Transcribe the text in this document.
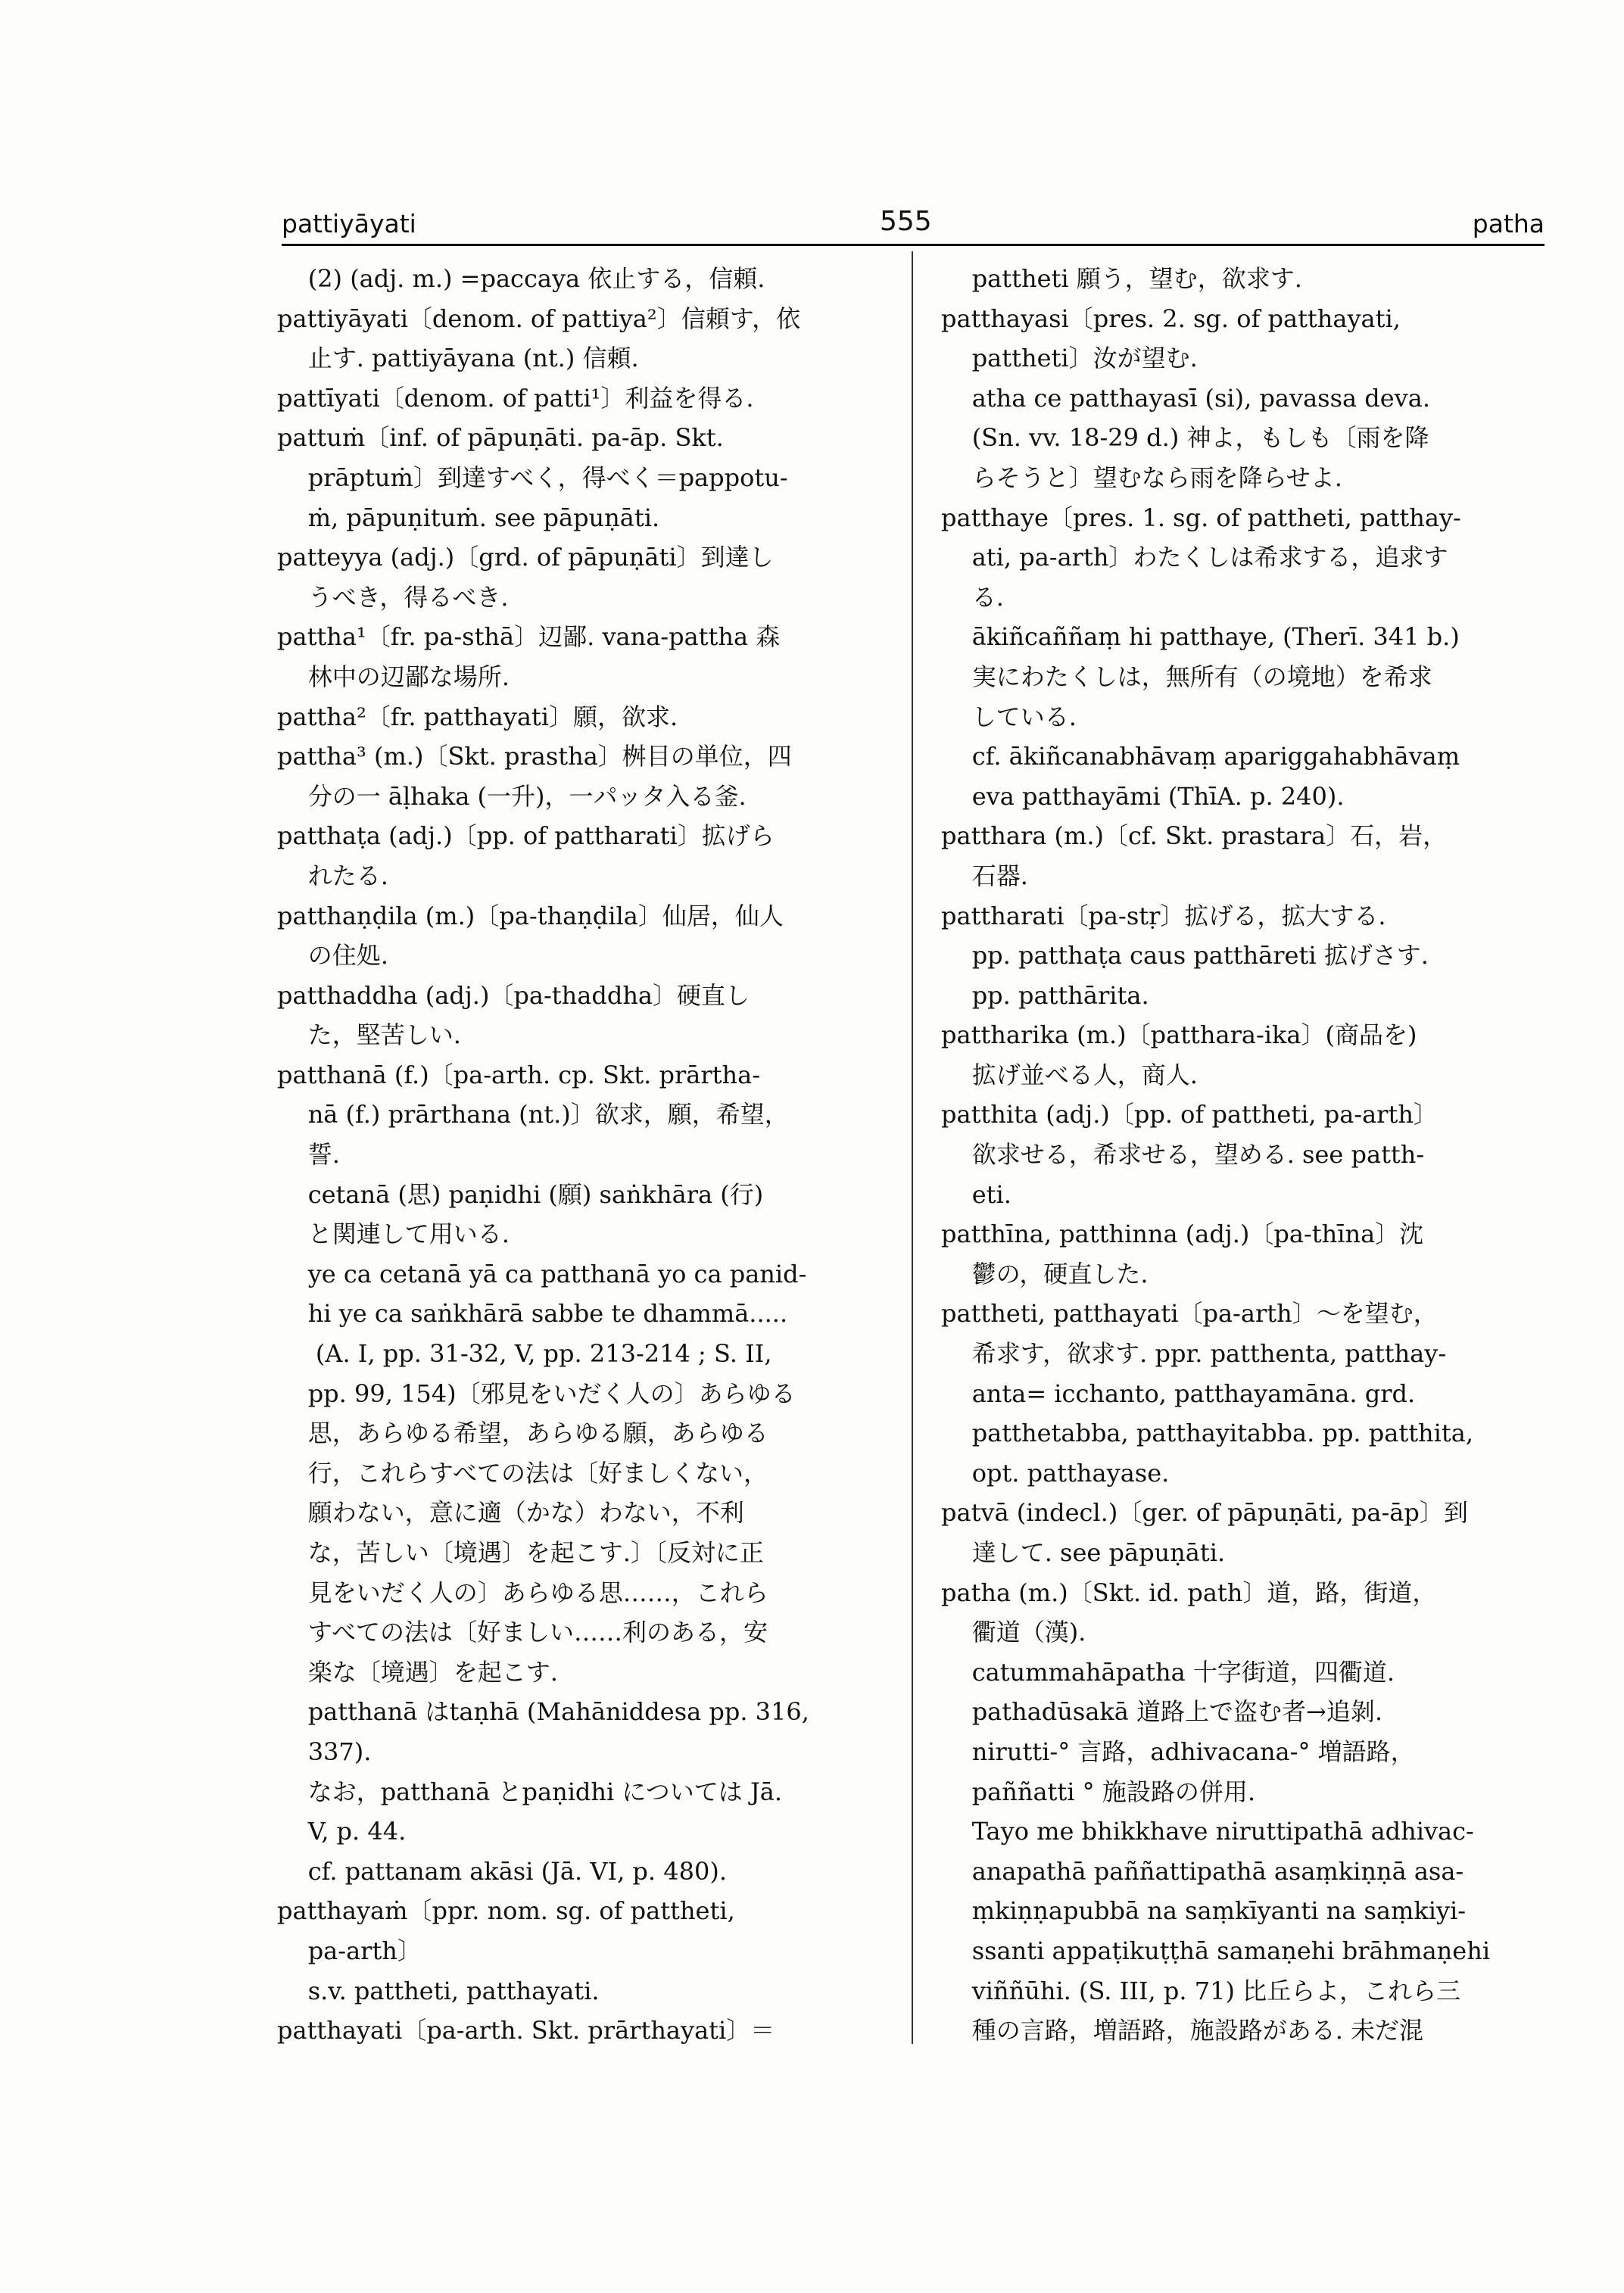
pattiyāyati	555	patha
(2) (adj. m.) =paccaya 依止する，信頼.
pattiyāyati〔denom. of pattiya²〕信頼す，依
止す. pattiyāyana (nt.) 信頼.
pattīyati〔denom. of patti¹〕利益を得る.
pattuṁ〔inf. of pāpuṇāti. pa-āp. Skt.
prāptuṁ〕到達すべく，得べく＝pappotu-
ṁ, pāpuṇituṁ. see pāpuṇāti.
patteyya (adj.)〔grd. of pāpuṇāti〕到達し
うべき，得るべき.
pattha¹〔fr. pa-sthā〕辺鄙. vana-pattha 森
林中の辺鄙な場所.
pattha²〔fr. patthayati〕願，欲求.
pattha³ (m.)〔Skt. prastha〕桝目の単位，四
分の一 āḷhaka (一升)，一パッタ入る釜.
patthaṭa (adj.)〔pp. of pattharati〕拡げら
れたる.
patthaṇḍila (m.)〔pa-thaṇḍila〕仙居，仙人
の住処.
patthaddha (adj.)〔pa-thaddha〕硬直し
た，堅苦しい.
patthanā (f.)〔pa-arth. cp. Skt. prārtha-
nā (f.) prārthana (nt.)〕欲求，願，希望，
誓.
cetanā (思) paṇidhi (願) saṅkhāra (行)
と関連して用いる.
ye ca cetanā yā ca patthanā yo ca panid-
hi ye ca saṅkhārā sabbe te dhammā.....
(A. I, pp. 31-32, V, pp. 213-214 ; S. II,
pp. 99, 154)〔邪見をいだく人の〕あらゆる
思，あらゆる希望，あらゆる願，あらゆる
行，これらすべての法は〔好ましくない，
願わない，意に適（かな）わない，不利
な，苦しい〔境遇〕を起こす.〕〔反対に正
見をいだく人の〕あらゆる思……，これら
すべての法は〔好ましい……利のある，安
楽な〔境遇〕を起こす.
patthanā はtaṇhā (Mahāniddesa pp. 316,
337).
なお，patthanā とpaṇidhi については Jā.
V, p. 44.
cf. pattanam akāsi (Jā. VI, p. 480).
patthayaṁ〔ppr. nom. sg. of pattheti,
pa-arth〕
s.v. pattheti, patthayati.
patthayati〔pa-arth. Skt. prārthayati〕＝
pattheti 願う，望む，欲求す.
patthayasi〔pres. 2. sg. of patthayati,
pattheti〕汝が望む.
atha ce patthayasī (si), pavassa deva.
(Sn. vv. 18-29 d.) 神よ，もしも〔雨を降
らそうと〕望むなら雨を降らせよ.
patthaye〔pres. 1. sg. of pattheti, patthay-
ati, pa-arth〕わたくしは希求する，追求す
る.
ākiñcaññaṃ hi patthaye, (Therī. 341 b.)
実にわたくしは，無所有（の境地）を希求
している.
cf. ākiñcanabhāvaṃ apariggahabhāvaṃ
eva patthayāmi (ThīA. p. 240).
patthara (m.)〔cf. Skt. prastara〕石，岩，
石器.
pattharati〔pa-stṛ〕拡げる，拡大する.
pp. patthaṭa caus patthāreti 拡げさす.
pp. patthārita.
pattharika (m.)〔patthara-ika〕(商品を)
拡げ並べる人，商人.
patthita (adj.)〔pp. of pattheti, pa-arth〕
欲求せる，希求せる，望める. see patth-
eti.
patthīna, patthinna (adj.)〔pa-thīna〕沈
鬱の，硬直した.
pattheti, patthayati〔pa-arth〕〜を望む，
希求す，欲求す. ppr. patthenta, patthay-
anta= icchanto, patthayamāna. grd.
patthetabba, patthayitabba. pp. patthita,
opt. patthayase.
patvā (indecl.)〔ger. of pāpuṇāti, pa-āp〕到
達して. see pāpuṇāti.
patha (m.)〔Skt. id. path〕道，路，街道，
衢道（漢).
catummahāpatha 十字街道，四衢道.
pathadūsakā 道路上で盗む者→追剝.
nirutti-° 言路，adhivacana-° 増語路，
paññatti ° 施設路の併用.
Tayo me bhikkhave niruttipathā adhivac-
anapathā paññattipathā asaṃkiṇṇā asa-
ṃkiṇṇapubbā na saṃkīyanti na saṃkiyi-
ssanti appaṭikuṭṭhā samaṇehi brāhmaṇehi
viññūhi. (S. III, p. 71) 比丘らよ，これら三
種の言路，増語路，施設路がある. 未だ混
